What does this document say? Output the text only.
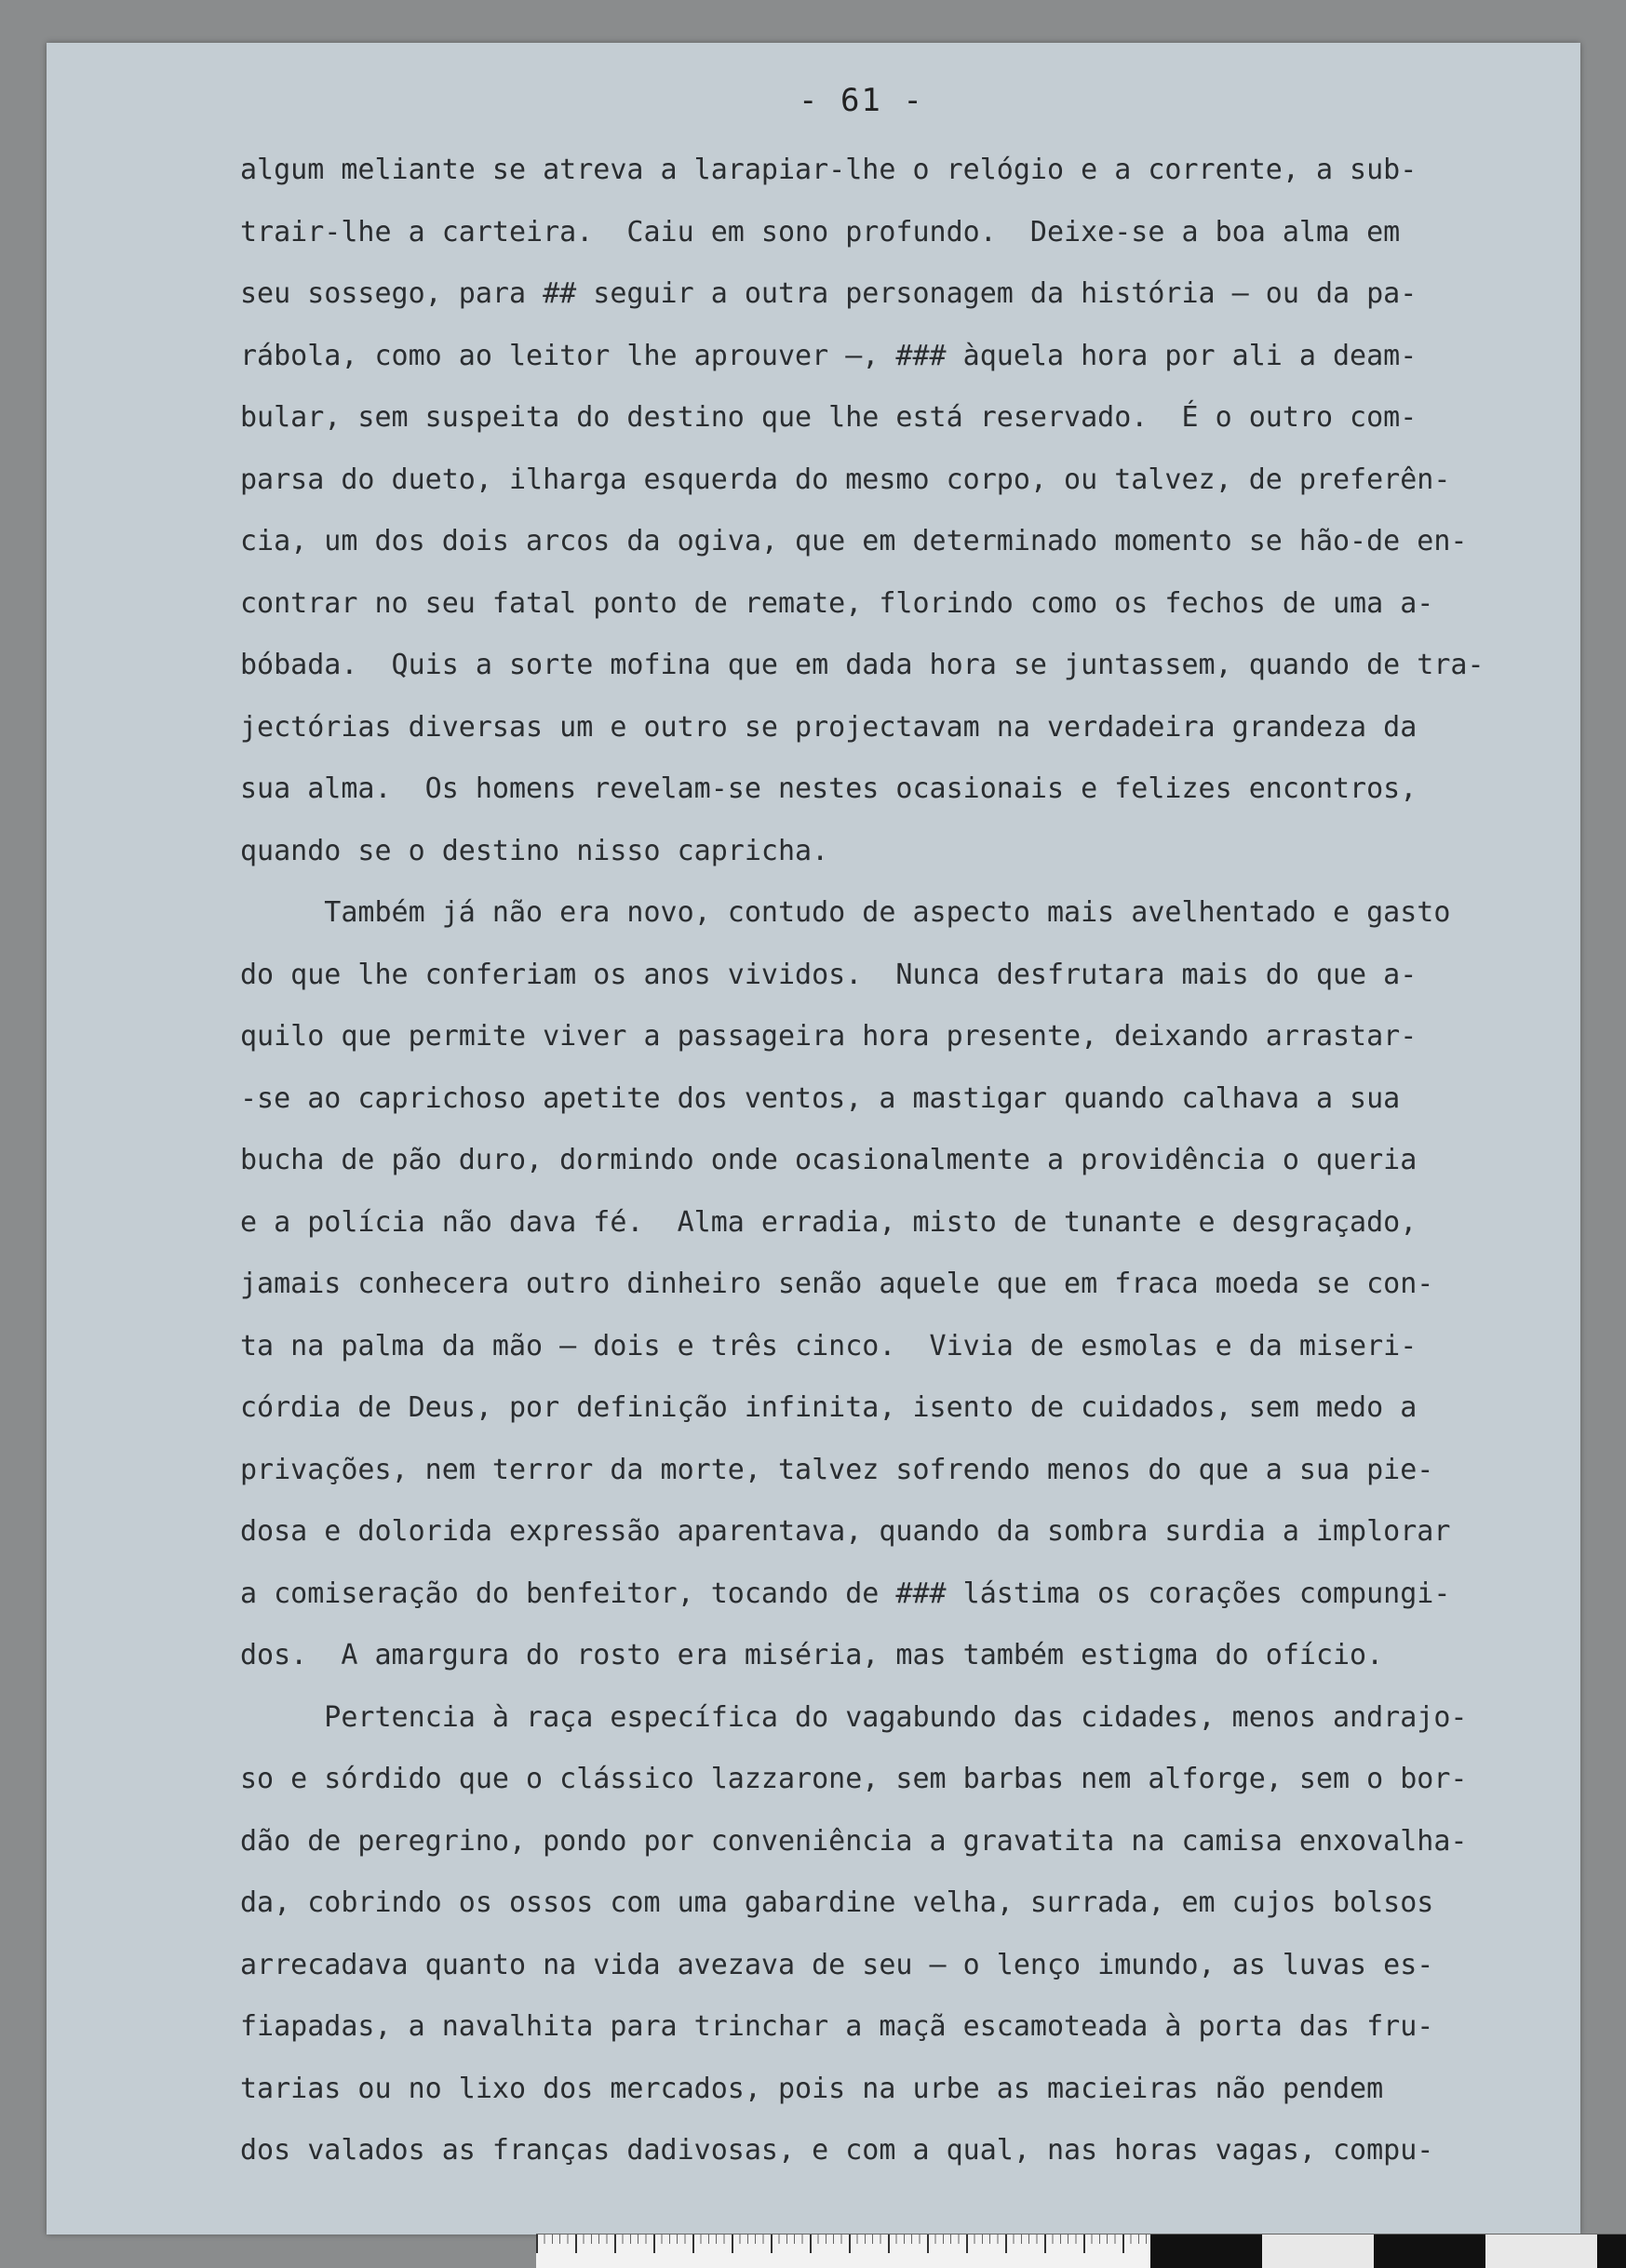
- 61 -
algum meliante se atreva a larapiar-lhe o relógio e a corrente, a sub-
trair-lhe a carteira.  Caiu em sono profundo.  Deixe-se a boa alma em
seu sossego, para ## seguir a outra personagem da história — ou da pa-
rábola, como ao leitor lhe aprouver —, ### àquela hora por ali a deam-
bular, sem suspeita do destino que lhe está reservado.  É o outro com-
parsa do dueto, ilharga esquerda do mesmo corpo, ou talvez, de preferên-
cia, um dos dois arcos da ogiva, que em determinado momento se hão-de en-
contrar no seu fatal ponto de remate, florindo como os fechos de uma a-
bóbada.  Quis a sorte mofina que em dada hora se juntassem, quando de tra-
jectórias diversas um e outro se projectavam na verdadeira grandeza da
sua alma.  Os homens revelam-se nestes ocasionais e felizes encontros,
quando se o destino nisso capricha.
Também já não era novo, contudo de aspecto mais avelhentado e gasto
do que lhe conferiam os anos vividos.  Nunca desfrutara mais do que a-
quilo que permite viver a passageira hora presente, deixando arrastar-
-se ao caprichoso apetite dos ventos, a mastigar quando calhava a sua
bucha de pão duro, dormindo onde ocasionalmente a providência o queria
e a polícia não dava fé.  Alma erradia, misto de tunante e desgraçado,
jamais conhecera outro dinheiro senão aquele que em fraca moeda se con-
ta na palma da mão — dois e três cinco.  Vivia de esmolas e da miseri-
córdia de Deus, por definição infinita, isento de cuidados, sem medo a
privações, nem terror da morte, talvez sofrendo menos do que a sua pie-
dosa e dolorida expressão aparentava, quando da sombra surdia a implorar
a comiseração do benfeitor, tocando de ### lástima os corações compungi-
dos.  A amargura do rosto era miséria, mas também estigma do ofício.
Pertencia à raça específica do vagabundo das cidades, menos andrajo-
so e sórdido que o clássico lazzarone, sem barbas nem alforge, sem o bor-
dão de peregrino, pondo por conveniência a gravatita na camisa enxovalha-
da, cobrindo os ossos com uma gabardine velha, surrada, em cujos bolsos
arrecadava quanto na vida avezava de seu — o lenço imundo, as luvas es-
fiapadas, a navalhita para trinchar a maçã escamoteada à porta das fru-
tarias ou no lixo dos mercados, pois na urbe as macieiras não pendem
dos valados as franças dadivosas, e com a qual, nas horas vagas, compu-
